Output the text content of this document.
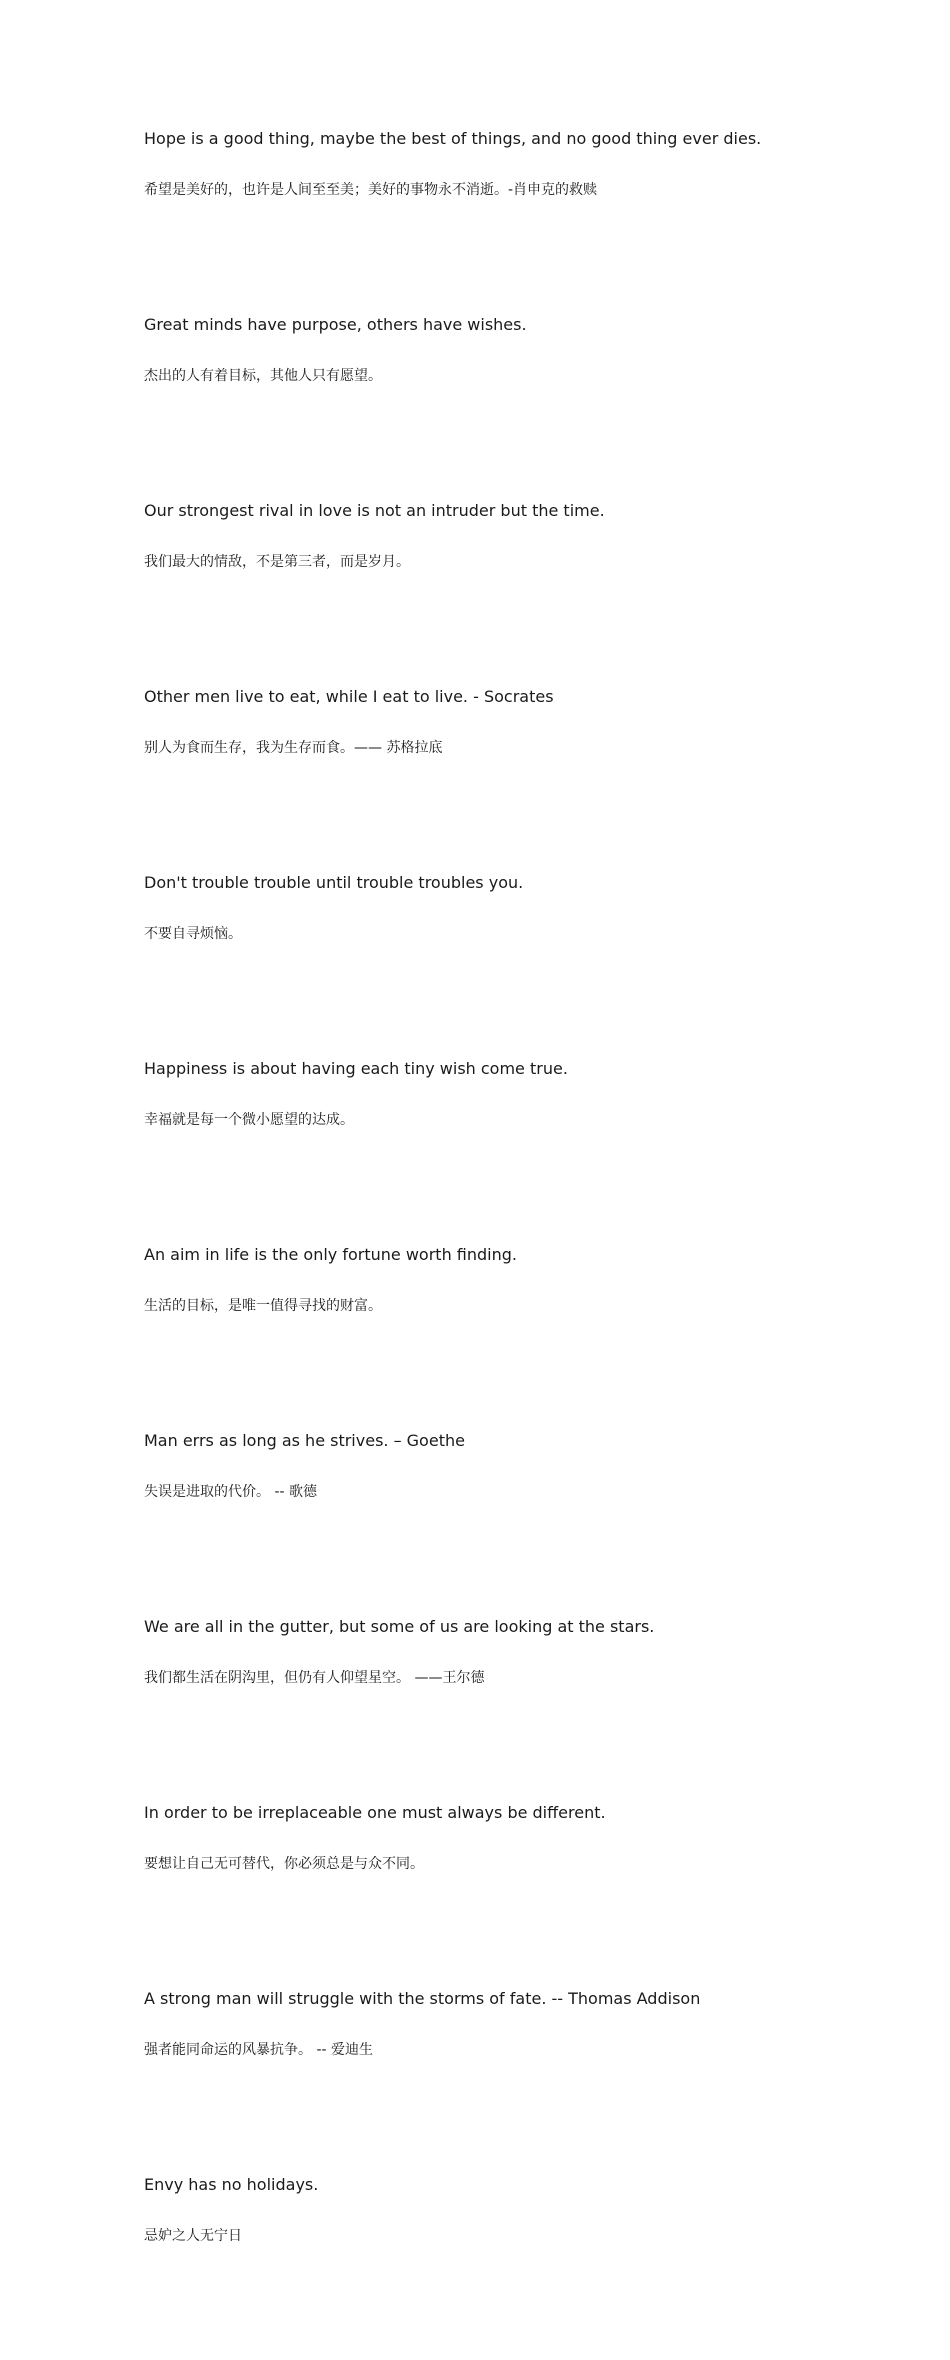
Hope is a good thing, maybe the best of things, and no good thing ever dies.
希望是美好的，也许是人间至至美；美好的事物永不消逝。-肖申克的救赎
Great minds have purpose, others have wishes.
杰出的人有着目标，其他人只有愿望。
Our strongest rival in love is not an intruder but the time.
我们最大的情敌，不是第三者，而是岁月。
Other men live to eat, while I eat to live. - Socrates
别人为食而生存，我为生存而食。—— 苏格拉底
Don't trouble trouble until trouble troubles you.
不要自寻烦恼。
Happiness is about having each tiny wish come true.
幸福就是每一个微小愿望的达成。
An aim in life is the only fortune worth finding.
生活的目标，是唯一值得寻找的财富。
Man errs as long as he strives. – Goethe
失误是进取的代价。 -- 歌德
We are all in the gutter, but some of us are looking at the stars.
我们都生活在阴沟里，但仍有人仰望星空。 ——王尔德
In order to be irreplaceable one must always be different.
要想让自己无可替代，你必须总是与众不同。
A strong man will struggle with the storms of fate. -- Thomas Addison
强者能同命运的风暴抗争。 -- 爱迪生
Envy has no holidays.
忌妒之人无宁日
